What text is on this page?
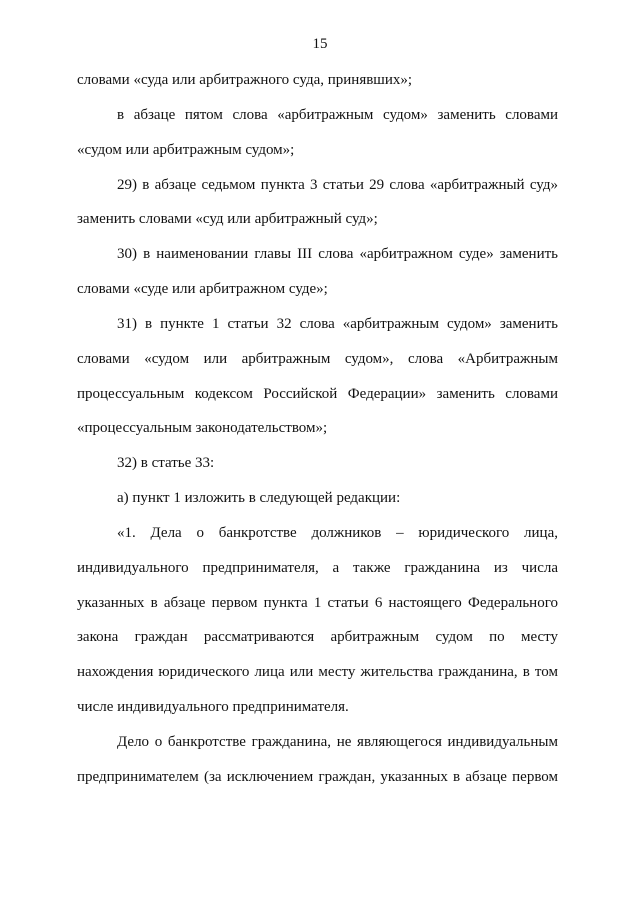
15
словами «суда или арбитражного суда, принявших»;
в абзаце пятом слова «арбитражным судом» заменить словами
«судом или арбитражным судом»;
29) в абзаце седьмом пункта 3 статьи 29 слова «арбитражный суд»
заменить словами «суд или арбитражный суд»;
30) в наименовании главы III слова «арбитражном суде» заменить
словами «суде или арбитражном суде»;
31) в пункте 1 статьи 32 слова «арбитражным судом» заменить
словами «судом или арбитражным судом», слова «Арбитражным
процессуальным кодексом Российской Федерации» заменить словами
«процессуальным законодательством»;
32) в статье 33:
а) пункт 1 изложить в следующей редакции:
«1. Дела о банкротстве должников – юридического лица,
индивидуального предпринимателя, а также гражданина из числа
указанных в абзаце первом пункта 1 статьи 6 настоящего Федерального
закона граждан рассматриваются арбитражным судом по месту
нахождения юридического лица или месту жительства гражданина, в том
числе индивидуального предпринимателя.
Дело о банкротстве гражданина, не являющегося индивидуальным
предпринимателем (за исключением граждан, указанных в абзаце первом
